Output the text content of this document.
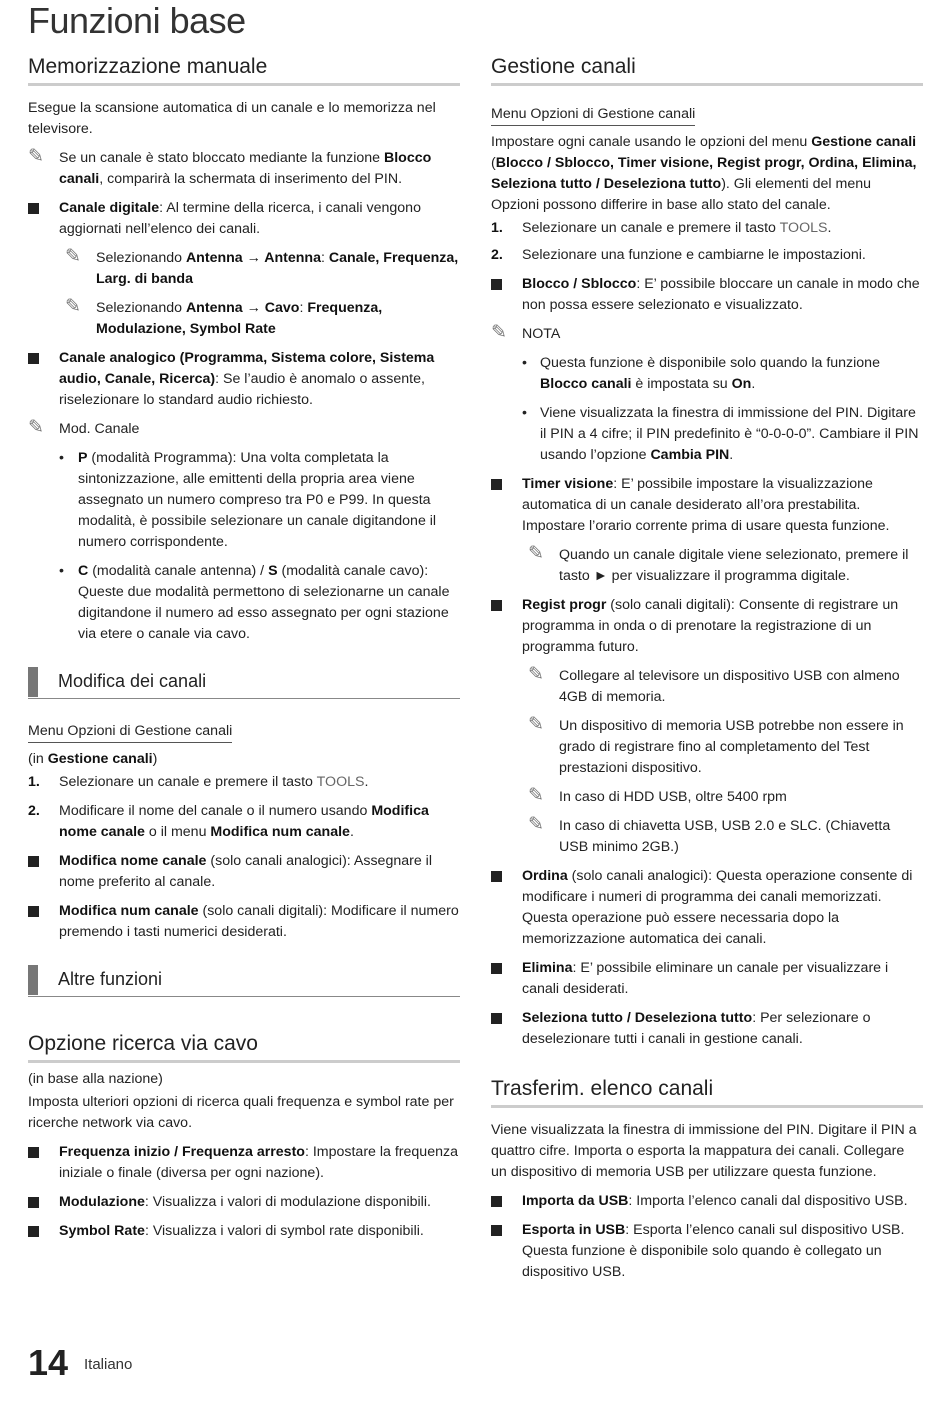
Funzioni base
Memorizzazione manuale

Esegue la scansione automatica di un canale e lo memorizza nel televisore.

✎ Se un canale è stato bloccato mediante la funzione Blocco canali, comparirà la schermata di inserimento del PIN.
Canale digitale: Al termine della ricerca, i canali vengono aggiornati nell’elenco dei canali.
✎ Selezionando Antenna → Antenna: Canale, Frequenza, Larg. di banda
✎ Selezionando Antenna → Cavo: Frequenza, Modulazione, Symbol Rate
Canale analogico (Programma, Sistema colore, Sistema audio, Canale, Ricerca): Se l’audio è anomalo o assente, riselezionare lo standard audio richiesto.
✎ Mod. Canale
• P (modalità Programma): Una volta completata la sintonizzazione, alle emittenti della propria area viene assegnato un numero compreso tra P0 e P99. In questa modalità, è possibile selezionare un canale digitandone il numero corrispondente.
• C (modalità canale antenna) / S (modalità canale cavo): Queste due modalità permettono di selezionarne un canale digitandone il numero ad esso assegnato per ogni stazione via etere o canale via cavo.
Modifica dei canali
Menu Opzioni di Gestione canali

(in Gestione canali)

1. Selezionare un canale e premere il tasto TOOLS.
2. Modificare il nome del canale o il numero usando Modifica nome canale o il menu Modifica num canale.
Modifica nome canale (solo canali analogici): Assegnare il nome preferito al canale.
Modifica num canale (solo canali digitali): Modificare il numero premendo i tasti numerici desiderati.
Altre funzioni
Opzione ricerca via cavo

(in base alla nazione)

Imposta ulteriori opzioni di ricerca quali frequenza e symbol rate per ricerche network via cavo.

Frequenza inizio / Frequenza arresto: Impostare la frequenza iniziale o finale (diversa per ogni nazione).
Modulazione: Visualizza i valori di modulazione disponibili.
Symbol Rate: Visualizza i valori di symbol rate disponibili.
Gestione canali
Menu Opzioni di Gestione canali

Impostare ogni canale usando le opzioni del menu Gestione canali (Blocco / Sblocco, Timer visione, Regist progr, Ordina, Elimina, Seleziona tutto / Deseleziona tutto). Gli elementi del menu Opzioni possono differire in base allo stato del canale.

1. Selezionare un canale e premere il tasto TOOLS.
2. Selezionare una funzione e cambiarne le impostazioni.
Blocco / Sblocco: E’ possibile bloccare un canale in modo che non possa essere selezionato e visualizzato.
✎ NOTA
• Questa funzione è disponibile solo quando la funzione Blocco canali è impostata su On.
• Viene visualizzata la finestra di immissione del PIN. Digitare il PIN a 4 cifre; il PIN predefinito è “0-0-0-0”. Cambiare il PIN usando l’opzione Cambia PIN.
Timer visione: E’ possibile impostare la visualizzazione automatica di un canale desiderato all’ora prestabilita. Impostare l’orario corrente prima di usare questa funzione.
✎ Quando un canale digitale viene selezionato, premere il tasto ► per visualizzare il programma digitale.
Regist progr (solo canali digitali): Consente di registrare un programma in onda o di prenotare la registrazione di un programma futuro.
✎ Collegare al televisore un dispositivo USB con almeno 4GB di memoria.
✎ Un dispositivo di memoria USB potrebbe non essere in grado di registrare fino al completamento del Test prestazioni dispositivo.
✎ In caso di HDD USB, oltre 5400 rpm
✎ In caso di chiavetta USB, USB 2.0 e SLC. (Chiavetta USB minimo 2GB.)
Ordina (solo canali analogici): Questa operazione consente di modificare i numeri di programma dei canali memorizzati. Questa operazione può essere necessaria dopo la memorizzazione automatica dei canali.
Elimina: E’ possibile eliminare un canale per visualizzare i canali desiderati.
Seleziona tutto / Deseleziona tutto: Per selezionare o deselezionare tutti i canali in gestione canali.
Trasferim. elenco canali

Viene visualizzata la finestra di immissione del PIN. Digitare il PIN a quattro cifre. Importa o esporta la mappatura dei canali. Collegare un dispositivo di memoria USB per utilizzare questa funzione.

Importa da USB: Importa l’elenco canali dal dispositivo USB.
Esporta in USB: Esporta l’elenco canali sul dispositivo USB. Questa funzione è disponibile solo quando è collegato un dispositivo USB.
14 Italiano
